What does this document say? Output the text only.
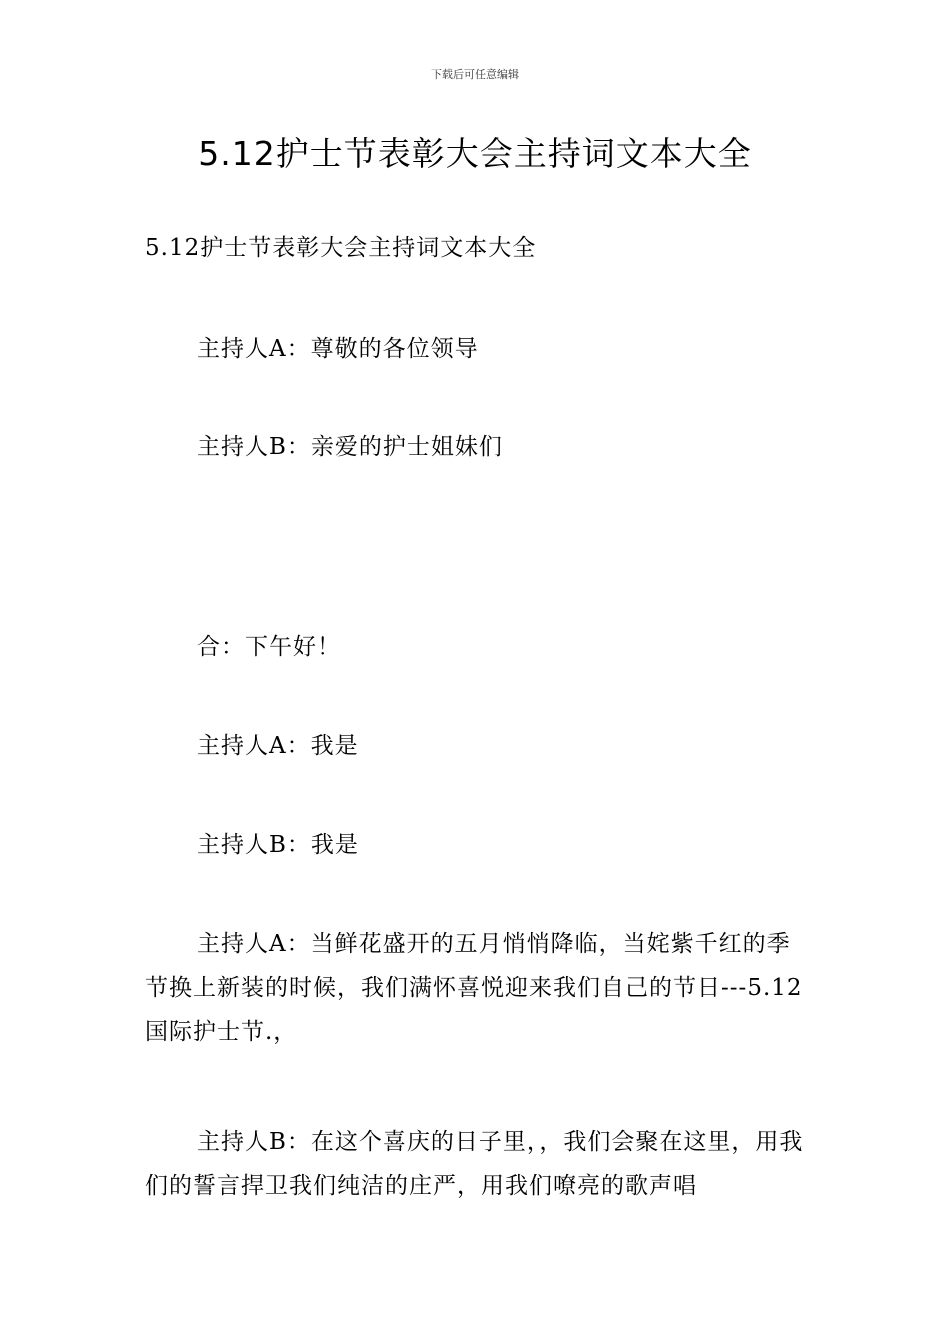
下载后可任意编辑
5.12护士节表彰大会主持词文本大全

5.12护士节表彰大会主持词文本大全

主持人A：尊敬的各位领导

主持人B：亲爱的护士姐妹们

合：下午好！

主持人A：我是

主持人B：我是

主持人A：当鲜花盛开的五月悄悄降临，当姹紫千红的季节换上新装的时候，我们满怀喜悦迎来我们自己的节日---5.12国际护士节.，

主持人B：在这个喜庆的日子里，，我们会聚在这里，用我们的誓言捍卫我们纯洁的庄严，用我们嘹亮的歌声唱
